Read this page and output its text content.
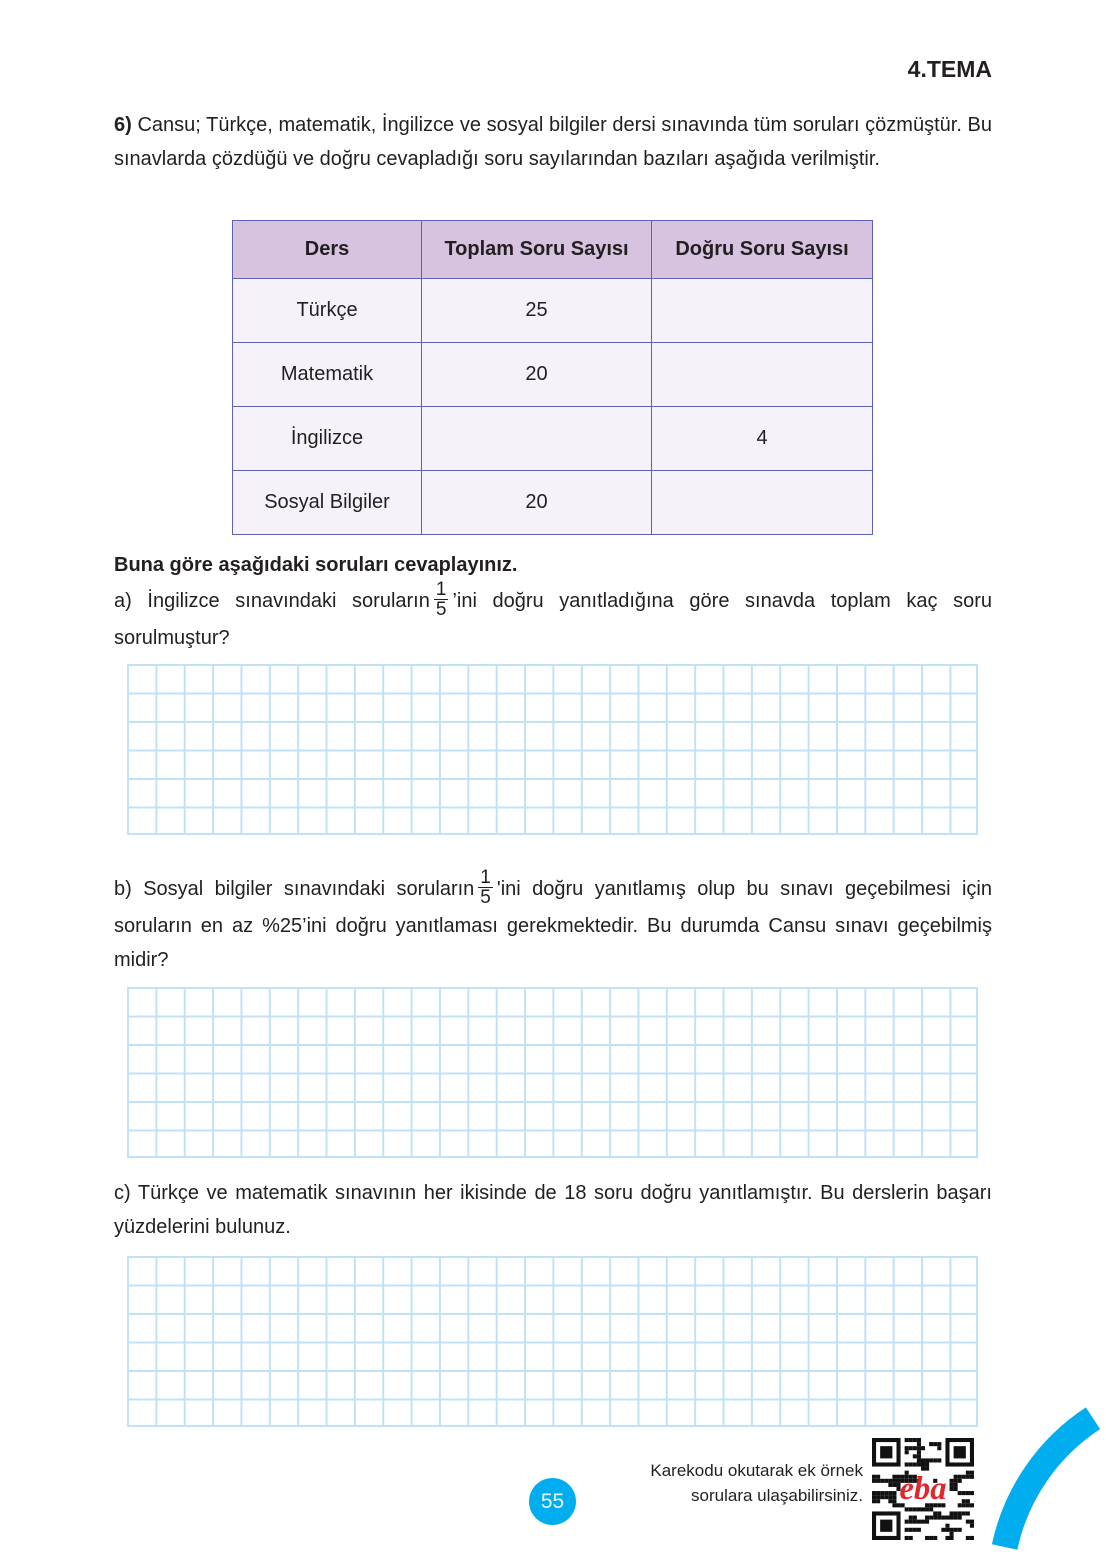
4.TEMA
6) Cansu; Türkçe, matematik, İngilizce ve sosyal bilgiler dersi sınavında tüm soruları çözmüştür. Bu sınavlarda çözdüğü ve doğru cevapladığı soru sayılarından bazıları aşağıda verilmiştir.
Ders	Toplam Soru Sayısı	Doğru Soru Sayısı
Türkçe	25	
Matematik	20	
İngilizce		4
Sosyal Bilgiler	20	
Buna göre aşağıdaki soruları cevaplayınız.
a) İngilizce sınavındaki soruların $\frac{1}{5}$ ’ini doğru yanıtladığına göre sınavda toplam kaç soru sorulmuştur?
b) Sosyal bilgiler sınavındaki soruların $\frac{1}{5}$ 'ini doğru yanıtlamış olup bu sınavı geçebilmesi için soruların en az %25’ini doğru yanıtlaması gerekmektedir. Bu durumda Cansu sınavı geçebilmiş midir?
c) Türkçe ve matematik sınavının her ikisinde de 18 soru doğru yanıtlamıştır. Bu derslerin başarı yüzdelerini bulunuz.
55
Karekodu okutarak ek örnek
sorulara ulaşabilirsiniz.	eba
